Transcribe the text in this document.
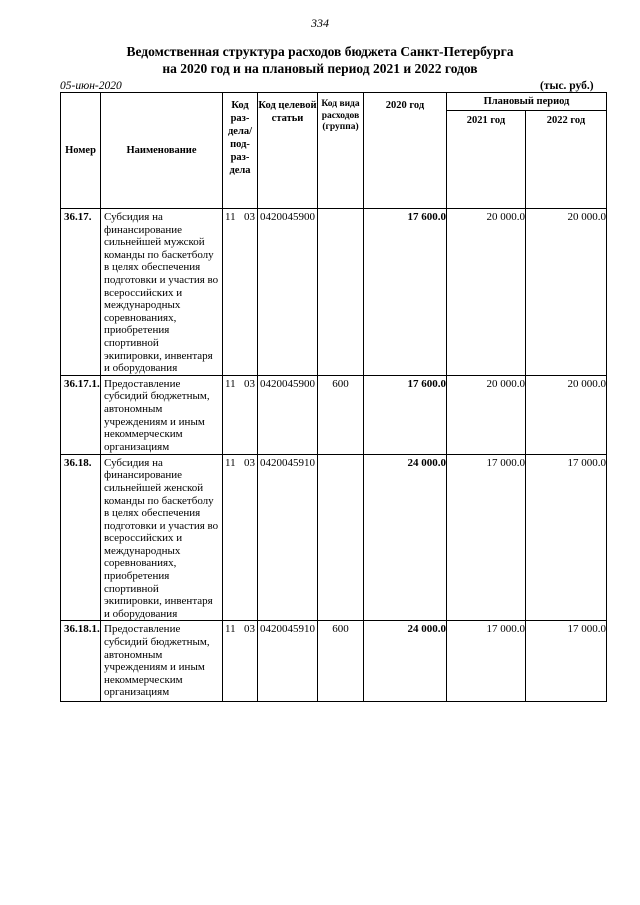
334
Ведомственная структура расходов бюджета Санкт-Петербурга
на 2020 год и на плановый период 2021 и 2022 годов
05-июн-2020	(тыс. руб.)
Номер	Наименование	Код раз- дела/ под- раз- дела	Код целевой статьи	Код вида расходов (группа)	2020 год	Плановый период	
						2021 год	2022 год
36.17.	Субсидия на финансирование сильнейшей мужской команды по баскетболу в целях обеспечения подготовки и участия во всероссийских и международных соревнованиях, приобретения спортивной экипировки, инвентаря и оборудования	11 03	0420045900		17 600.0	20 000.0	20 000.0
36.17.1.	Предоставление субсидий бюджетным, автономным учреждениям и иным некоммерческим организациям	11 03	0420045900	600	17 600.0	20 000.0	20 000.0
36.18.	Субсидия на финансирование сильнейшей женской команды по баскетболу в целях обеспечения подготовки и участия во всероссийских и международных соревнованиях, приобретения спортивной экипировки, инвентаря и оборудования	11 03	0420045910		24 000.0	17 000.0	17 000.0
36.18.1.	Предоставление субсидий бюджетным, автономным учреждениям и иным некоммерческим организациям	11 03	0420045910	600	24 000.0	17 000.0	17 000.0
